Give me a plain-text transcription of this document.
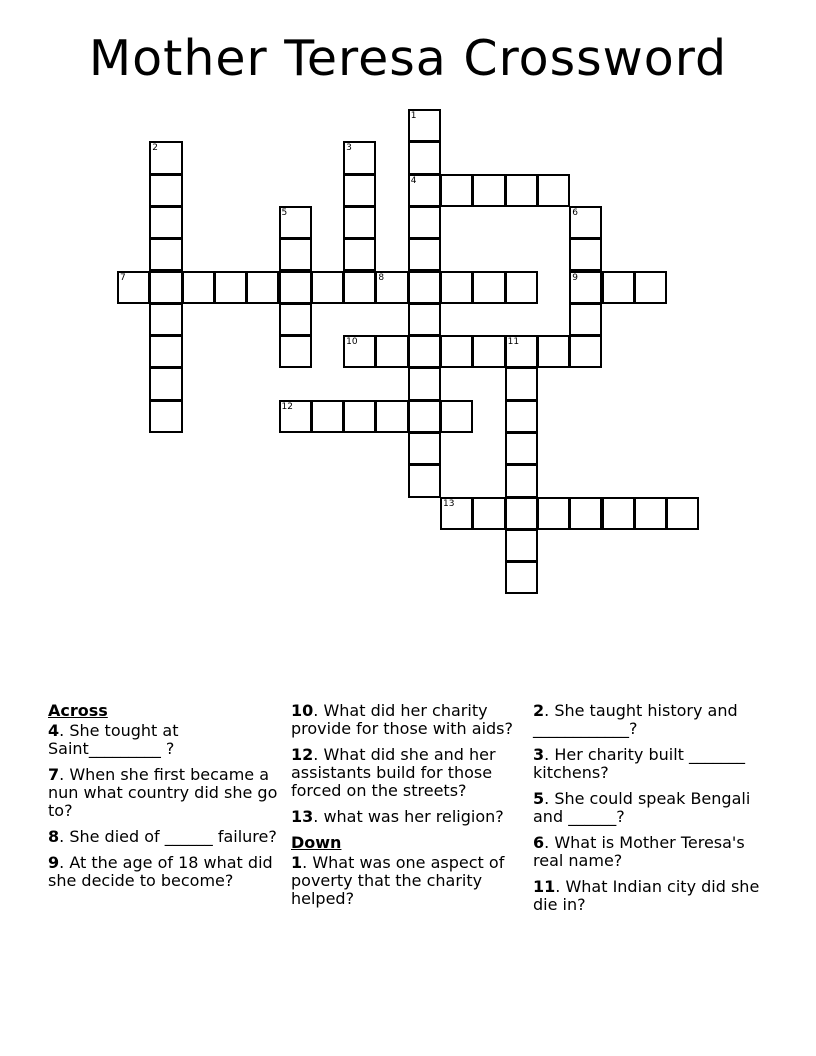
Mother Teresa Crossword
1
2	3
4
5	6
7	8	9
10	11
12
13
Across
4. She tought at Saint_________ ?
7. When she first became a nun what country did she go to?
8. She died of ______ failure?
9. At the age of 18 what did she decide to become?
10. What did her charity provide for those with aids?
12. What did she and her assistants build for those forced on the streets?
13. what was her religion?
Down
1. What was one aspect of poverty that the charity helped?
2. She taught history and ____________?
3. Her charity built _______ kitchens?
5. She could speak Bengali and ______?
6. What is Mother Teresa's real name?
11. What Indian city did she die in?
